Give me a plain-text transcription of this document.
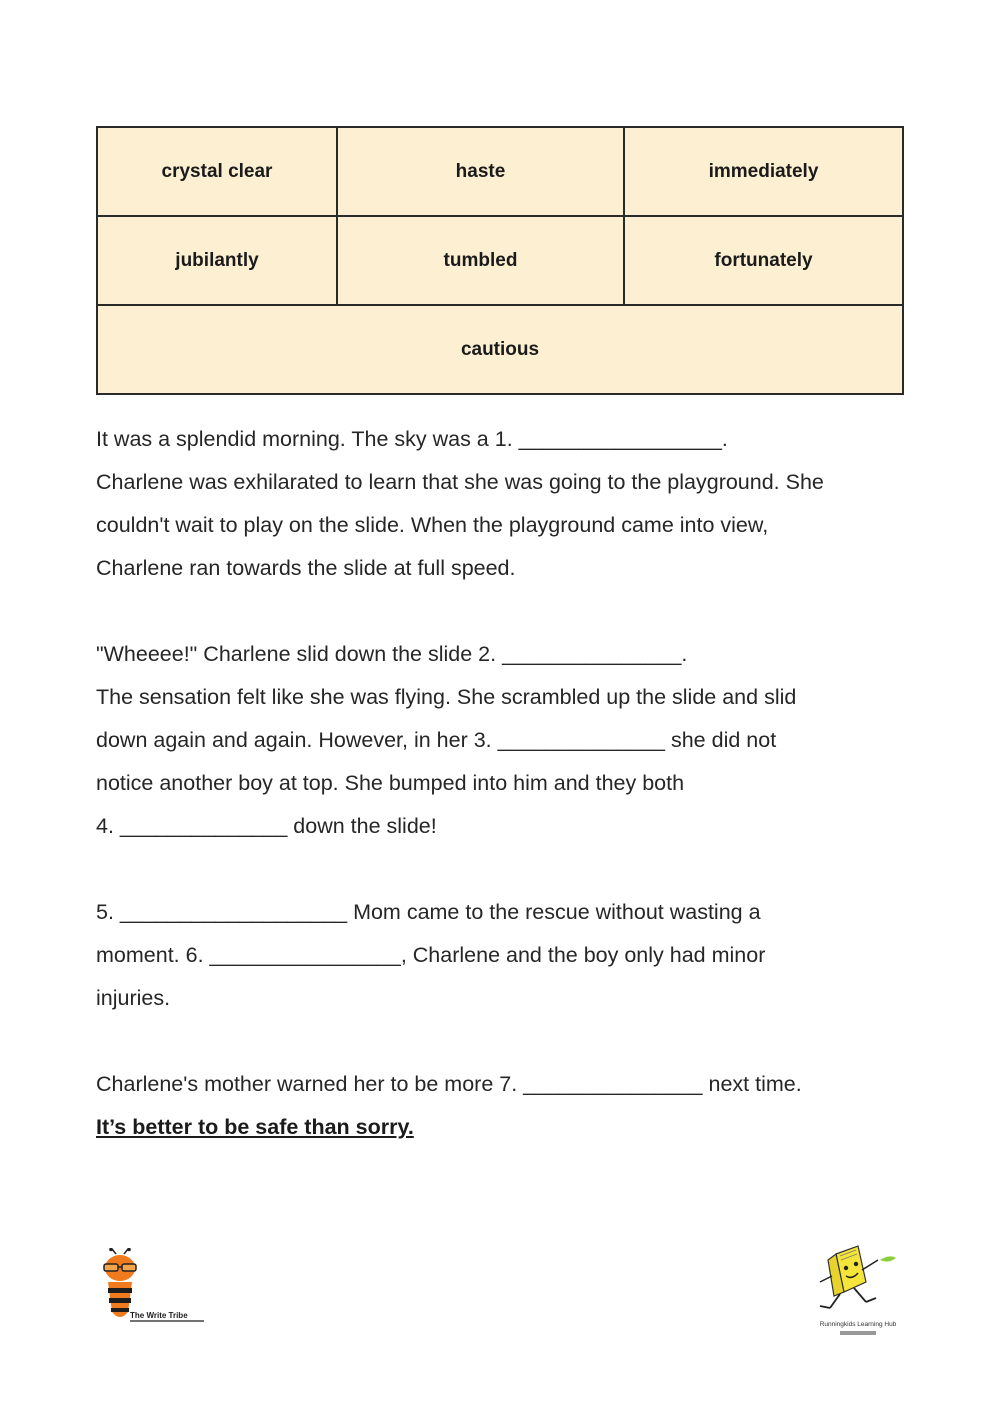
crystal clear	haste	immediately
jubilantly	tumbled	fortunately
cautious		

It was a splendid morning. The sky was a 1. _________________.

Charlene was exhilarated to learn that she was going to the playground. She

couldn't wait to play on the slide. When the playground came into view,

Charlene ran towards the slide at full speed.

"Wheeee!" Charlene slid down the slide 2. _______________.

The sensation felt like she was flying. She scrambled up the slide and slid

down again and again. However, in her 3. ______________ she did not

notice another boy at top. She bumped into him and they both

4. ______________ down the slide!

5. ___________________ Mom came to the rescue without wasting a

moment. 6. ________________, Charlene and the boy only had minor

injuries.

Charlene's mother warned her to be more 7. _______________ next time.

It’s better to be safe than sorry.

The Write Tribe
Runningkids Learning Hub
